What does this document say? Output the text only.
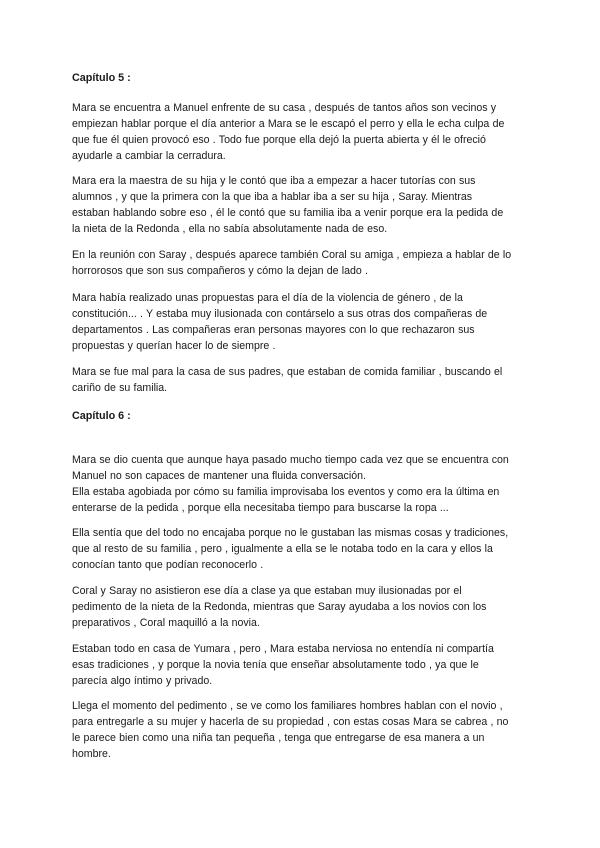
Capítulo 5 :

Mara se encuentra a Manuel enfrente de su casa , después de tantos años son vecinos y
empiezan hablar porque el día anterior a Mara se le escapó el perro y ella le echa culpa de
que fue él quien provocó eso . Todo fue porque ella dejó la puerta abierta y él le ofreció
ayudarle a cambiar la cerradura.

Mara era la maestra de su hija y le contó que iba a empezar a hacer tutorías con sus
alumnos , y que la primera con la que iba a hablar iba a ser su hija , Saray. Mientras
estaban hablando sobre eso , él le contó que su familia iba a venir porque era la pedida de
la nieta de la Redonda , ella no sabía absolutamente nada de eso.

En la reunión con Saray , después aparece también Coral su amiga , empieza a hablar de lo
horrorosos que son sus compañeros y cómo la dejan de lado .

Mara había realizado unas propuestas para el día de la violencia de género , de la
constitución... . Y estaba muy ilusionada con contárselo a sus otras dos compañeras de
departamentos . Las compañeras eran personas mayores con lo que rechazaron sus
propuestas y querían hacer lo de siempre .

Mara se fue mal para la casa de sus padres, que estaban de comida familiar , buscando el
cariño de su familia.

Capítulo 6 :

Mara se dio cuenta que aunque haya pasado mucho tiempo cada vez que se encuentra con
Manuel no son capaces de mantener una fluida conversación.
Ella estaba agobiada por cómo su familia improvisaba los eventos y como era la última en
enterarse de la pedida , porque ella necesitaba tiempo para buscarse la ropa ...

Ella sentía que del todo no encajaba porque no le gustaban las mismas cosas y tradiciones,
que al resto de su familia , pero , igualmente a ella se le notaba todo en la cara y ellos la
conocían tanto que podían reconocerlo .

Coral y Saray no asistieron ese día a clase ya que estaban muy ilusionadas por el
pedimento de la nieta de la Redonda, mientras que Saray ayudaba a los novios con los
preparativos , Coral maquilló a la novia.

Estaban todo en casa de Yumara , pero , Mara estaba nerviosa no entendía ni compartía
esas tradiciones , y porque la novia tenía que enseñar absolutamente todo , ya que le
parecía algo íntimo y privado.

Llega el momento del pedimento , se ve como los familiares hombres hablan con el novio ,
para entregarle a su mujer y hacerla de su propiedad , con estas cosas Mara se cabrea , no
le parece bien como una niña tan pequeña , tenga que entregarse de esa manera a un
hombre.
